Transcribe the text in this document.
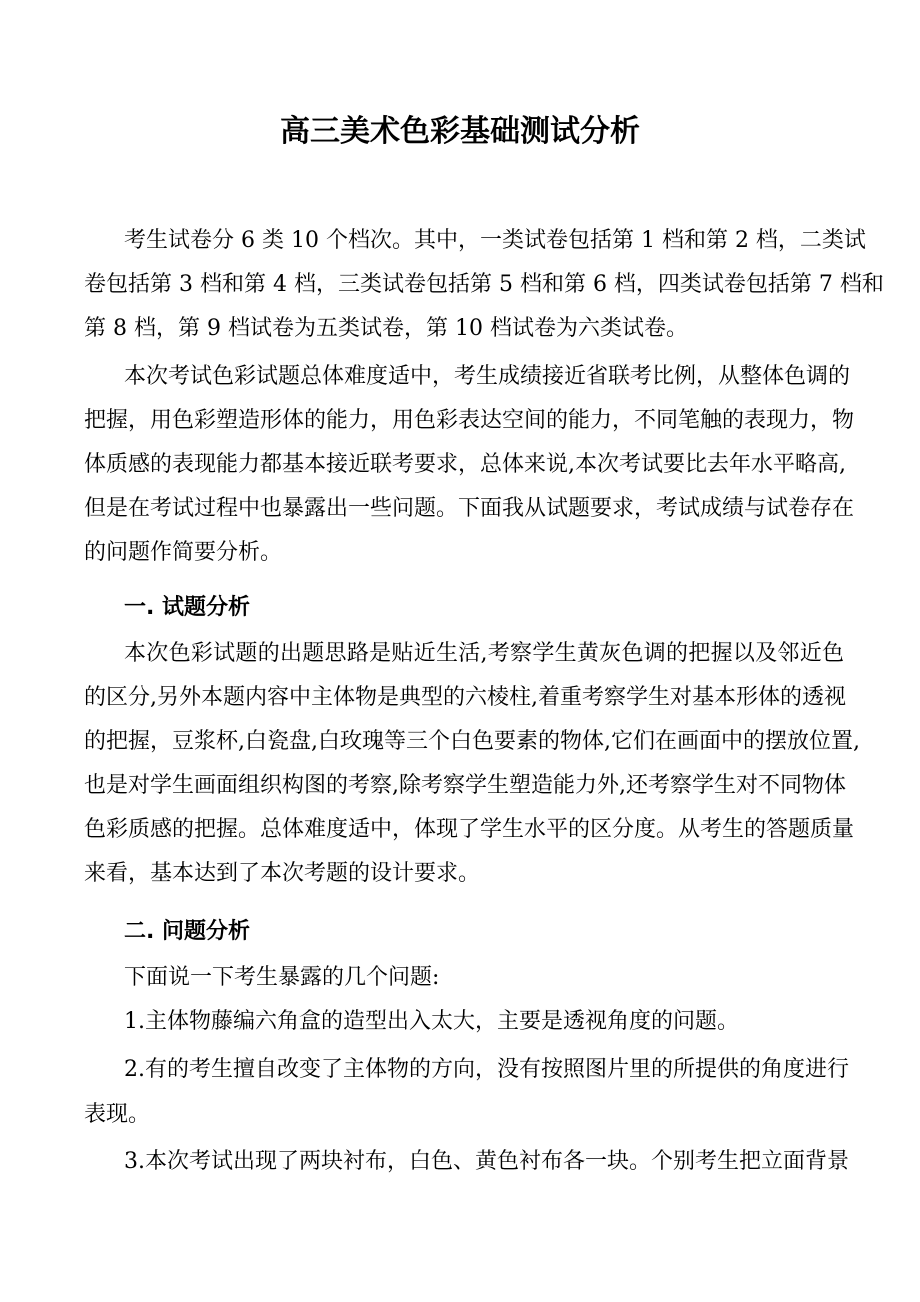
高三美术色彩基础测试分析
考生试卷分 6 类 10 个档次。其中，一类试卷包括第 1 档和第 2 档，二类试
卷包括第 3 档和第 4 档，三类试卷包括第 5 档和第 6 档，四类试卷包括第 7 档和
第 8 档，第 9 档试卷为五类试卷，第 10 档试卷为六类试卷。
本次考试色彩试题总体难度适中，考生成绩接近省联考比例，从整体色调的
把握，用色彩塑造形体的能力，用色彩表达空间的能力，不同笔触的表现力，物
体质感的表现能力都基本接近联考要求，总体来说,本次考试要比去年水平略高,
但是在考试过程中也暴露出一些问题。下面我从试题要求，考试成绩与试卷存在
的问题作简要分析。
一. 试题分析
本次色彩试题的出题思路是贴近生活,考察学生黄灰色调的把握以及邻近色
的区分,另外本题内容中主体物是典型的六棱柱,着重考察学生对基本形体的透视
的把握，豆浆杯,白瓷盘,白玫瑰等三个白色要素的物体,它们在画面中的摆放位置,
也是对学生画面组织构图的考察,除考察学生塑造能力外,还考察学生对不同物体
色彩质感的把握。总体难度适中，体现了学生水平的区分度。从考生的答题质量
来看，基本达到了本次考题的设计要求。
二. 问题分析
下面说一下考生暴露的几个问题:
1.主体物藤编六角盒的造型出入太大，主要是透视角度的问题。
2.有的考生擅自改变了主体物的方向，没有按照图片里的所提供的角度进行
表现。
3.本次考试出现了两块衬布，白色、黄色衬布各一块。个别考生把立面背景
